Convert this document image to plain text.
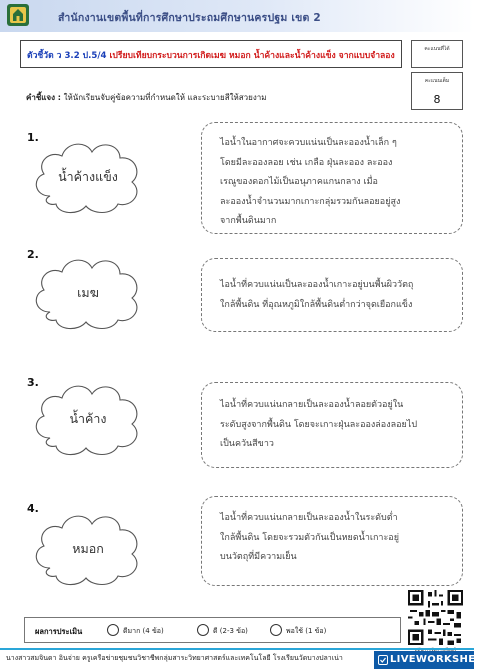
สำนักงานเขตพื้นที่การศึกษาประถมศึกษานครปฐม เขต 2
ตัวชี้วัด ว 3.2 ป.5/4 เปรียบเทียบกระบวนการเกิดเมฆ หมอก น้ำค้างและน้ำค้างแข็ง จากแบบจำลอง
คะแนนที่ได้
คะแนนเต็ม
8
คำชี้แจง : ให้นักเรียนจับคู่ข้อความที่กำหนดให้ และระบายสีให้สวยงาม
1.
น้ำค้างแข็ง
ไอน้ำในอากาศจะควบแน่นเป็นละอองน้ำเล็ก ๆ
โดยมีละอองลอย เช่น เกลือ ฝุ่นละออง ละออง
เรณูของดอกไม้เป็นอนุภาคแกนกลาง เมื่อ
ละอองน้ำจำนวนมากเกาะกลุ่มรวมกันลอยอยู่สูง
จากพื้นดินมาก
2.
เมฆ	ไอน้ำที่ควบแน่นเป็นละอองน้ำเกาะอยู่บนพื้นผิววัตถุ
ใกล้พื้นดิน ที่อุณหภูมิใกล้พื้นดินต่ำกว่าจุดเยือกแข็ง
3.
น้ำค้าง
ไอน้ำที่ควบแน่นกลายเป็นละอองน้ำลอยตัวอยู่ใน
ระดับสูงจากพื้นดิน โดยจะเกาะฝุ่นละอองล่องลอยไป
เป็นควันสีขาว
4.
หมอก
ไอน้ำที่ควบแน่นกลายเป็นละอองน้ำในระดับต่ำ
ใกล้พื้นดิน โดยจะรวมตัวกันเป็นหยดน้ำเกาะอยู่
บนวัตถุที่มีความเย็น
ผลการประเมิน	ดีมาก (4 ข้อ)	ดี (2-3 ข้อ)	พอใช้ (1 ข้อ)
นางสาวสมจินดา อินจ่าย ครูเครือข่ายชุมชนวิชาชีพกลุ่มสาระวิทยาศาสตร์และเทคโนโลยี โรงเรียนวัดบางปลาเน่า	LIVEWORKSHEETS
